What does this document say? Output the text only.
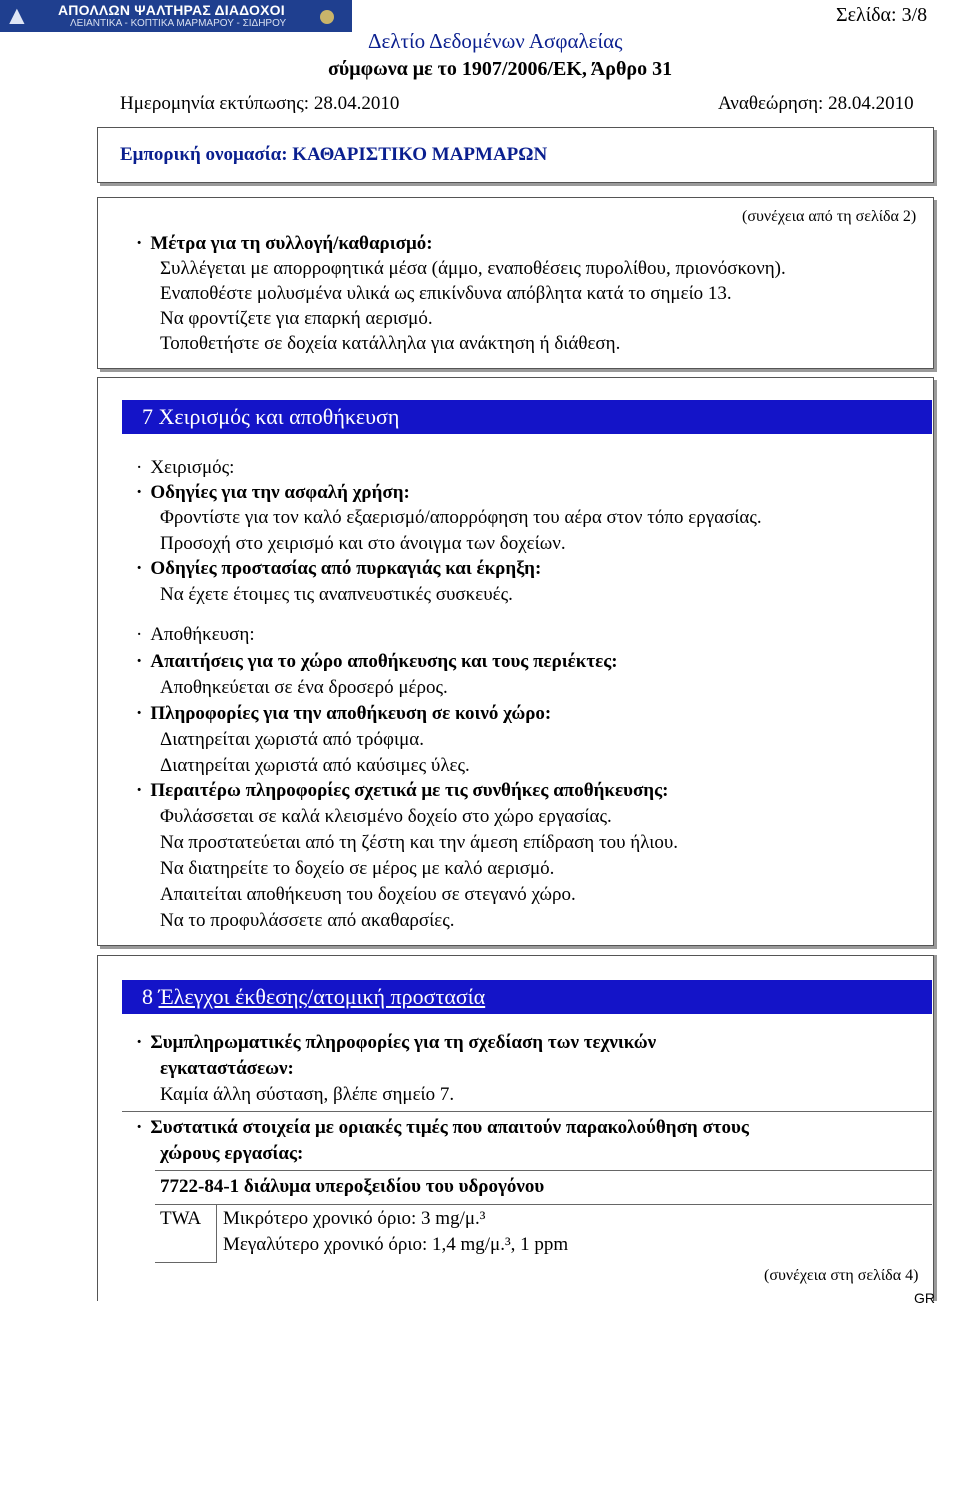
▲ ΑΠΟΛΛΩΝ ΨΑΛΤΗΡΑΣ ΔΙΑΔΟΧΟΙ
ΛΕΙΑΝΤΙΚΑ - ΚΟΠΤΙΚΑ ΜΑΡΜΑΡΟΥ - ΣΙΔΗΡΟΥ	Σελίδα: 3/8
Δελτίο Δεδομένων Ασφαλείας
σύμφωνα με το 1907/2006/ΕΚ, Άρθρο 31
Ημερομηνία εκτύπωσης: 28.04.2010	Αναθεώρηση: 28.04.2010
Εμπορική ονομασία: ΚΑΘΑΡΙΣΤΙΚΟ ΜΑΡΜΑΡΩΝ
(συνέχεια από τη σελίδα 2)
· Μέτρα για τη συλλογή/καθαρισμό:
Συλλέγεται με απορροφητικά μέσα (άμμο, εναποθέσεις πυρολίθου, πριονόσκονη).
Εναποθέστε μολυσμένα υλικά ως επικίνδυνα απόβλητα κατά το σημείο 13.
Να φροντίζετε για επαρκή αερισμό.
Τοποθετήστε σε δοχεία κατάλληλα για ανάκτηση ή διάθεση.
7 Χειρισμός και αποθήκευση
· Χειρισμός:
· Οδηγίες για την ασφαλή χρήση:
Φροντίστε για τον καλό εξαερισμό/απορρόφηση του αέρα στον τόπο εργασίας.
Προσοχή στο χειρισμό και στο άνοιγμα των δοχείων.
· Οδηγίες προστασίας από πυρκαγιάς και έκρηξη:
Να έχετε έτοιμες τις αναπνευστικές συσκευές.
· Αποθήκευση:
· Απαιτήσεις για το χώρο αποθήκευσης και τους περιέκτες:
Αποθηκεύεται σε ένα δροσερό μέρος.
· Πληροφορίες για την αποθήκευση σε κοινό χώρο:
Διατηρείται χωριστά από τρόφιμα.
Διατηρείται χωριστά από καύσιμες ύλες.
· Περαιτέρω πληροφορίες σχετικά με τις συνθήκες αποθήκευσης:
Φυλάσσεται σε καλά κλεισμένο δοχείο στο χώρο εργασίας.
Να προστατεύεται από τη ζέστη και την άμεση επίδραση του ήλιου.
Να διατηρείτε το δοχείο σε μέρος με καλό αερισμό.
Απαιτείται αποθήκευση του δοχείου σε στεγανό χώρο.
Να το προφυλάσσετε από ακαθαρσίες.
8 Έλεγχοι έκθεσης/ατομική προστασία
· Συμπληρωματικές πληροφορίες για τη σχεδίαση των τεχνικών
εγκαταστάσεων:
Καμία άλλη σύσταση, βλέπε σημείο 7.
· Συστατικά στοιχεία με οριακές τιμές που απαιτούν παρακολούθηση στους
χώρους εργασίας:
7722-84-1 διάλυμα υπεροξειδίου του υδρογόνου
TWA Μικρότερο χρονικό όριο: 3 mg/μ.³
Μεγαλύτερο χρονικό όριο: 1,4 mg/μ.³, 1 ppm
(συνέχεια στη σελίδα 4)
GR
